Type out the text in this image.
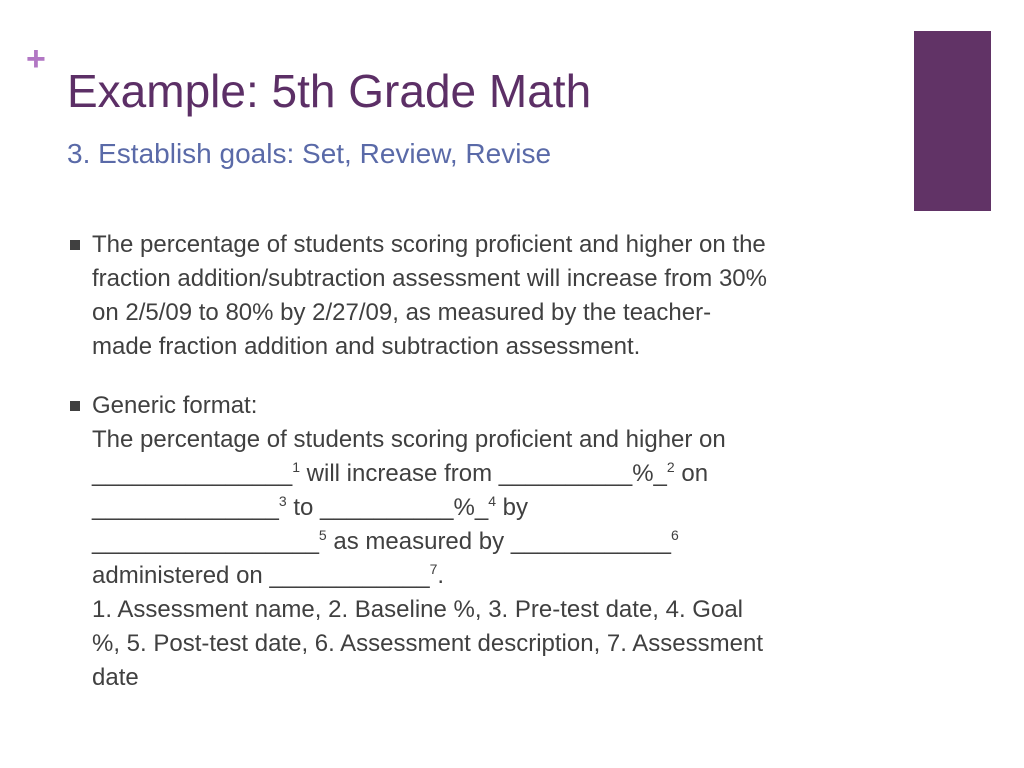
+
Example: 5th Grade Math
3. Establish goals: Set, Review, Revise
The percentage of students scoring proficient and higher on the
fraction addition/subtraction assessment will increase from 30%
on 2/5/09 to 80% by 2/27/09, as measured by the teacher-
made fraction addition and subtraction assessment.
Generic format:
The percentage of students scoring proficient and higher on
_______________$^1$ will increase from __________%_$^2$ on
______________$^3$ to __________%_$^4$ by
_________________$^5$ as measured by ____________$^6$
administered on ____________$^7$.
1. Assessment name, 2. Baseline %, 3. Pre-test date, 4. Goal
%, 5. Post-test date, 6. Assessment description, 7. Assessment
date
